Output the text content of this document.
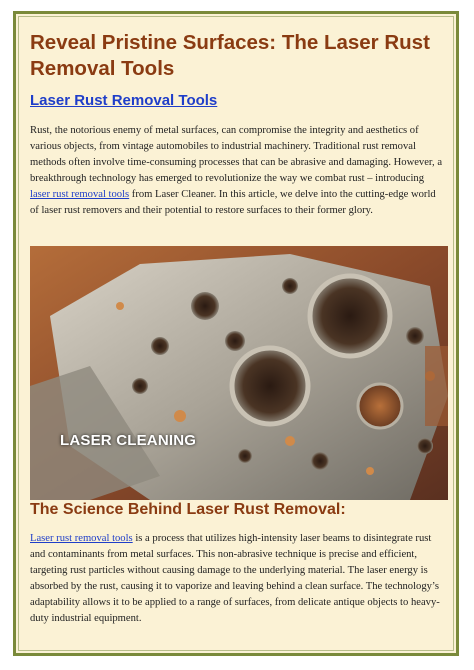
Reveal Pristine Surfaces: The Laser Rust Removal Tools
Laser Rust Removal Tools

Rust, the notorious enemy of metal surfaces, can compromise the integrity and aesthetics of various objects, from vintage automobiles to industrial machinery. Traditional rust removal methods often involve time-consuming processes that can be abrasive and damaging. However, a breakthrough technology has emerged to revolutionize the way we combat rust – introducing laser rust removal tools from Laser Cleaner. In this article, we delve into the cutting-edge world of laser rust removers and their potential to restore surfaces to their former glory.

LASER CLEANING
The Science Behind Laser Rust Removal:

Laser rust removal tools is a process that utilizes high-intensity laser beams to disintegrate rust and contaminants from metal surfaces. This non-abrasive technique is precise and efficient, targeting rust particles without causing damage to the underlying material. The laser energy is absorbed by the rust, causing it to vaporize and leaving behind a clean surface. The technology’s adaptability allows it to be applied to a range of surfaces, from delicate antique objects to heavy-duty industrial equipment.
